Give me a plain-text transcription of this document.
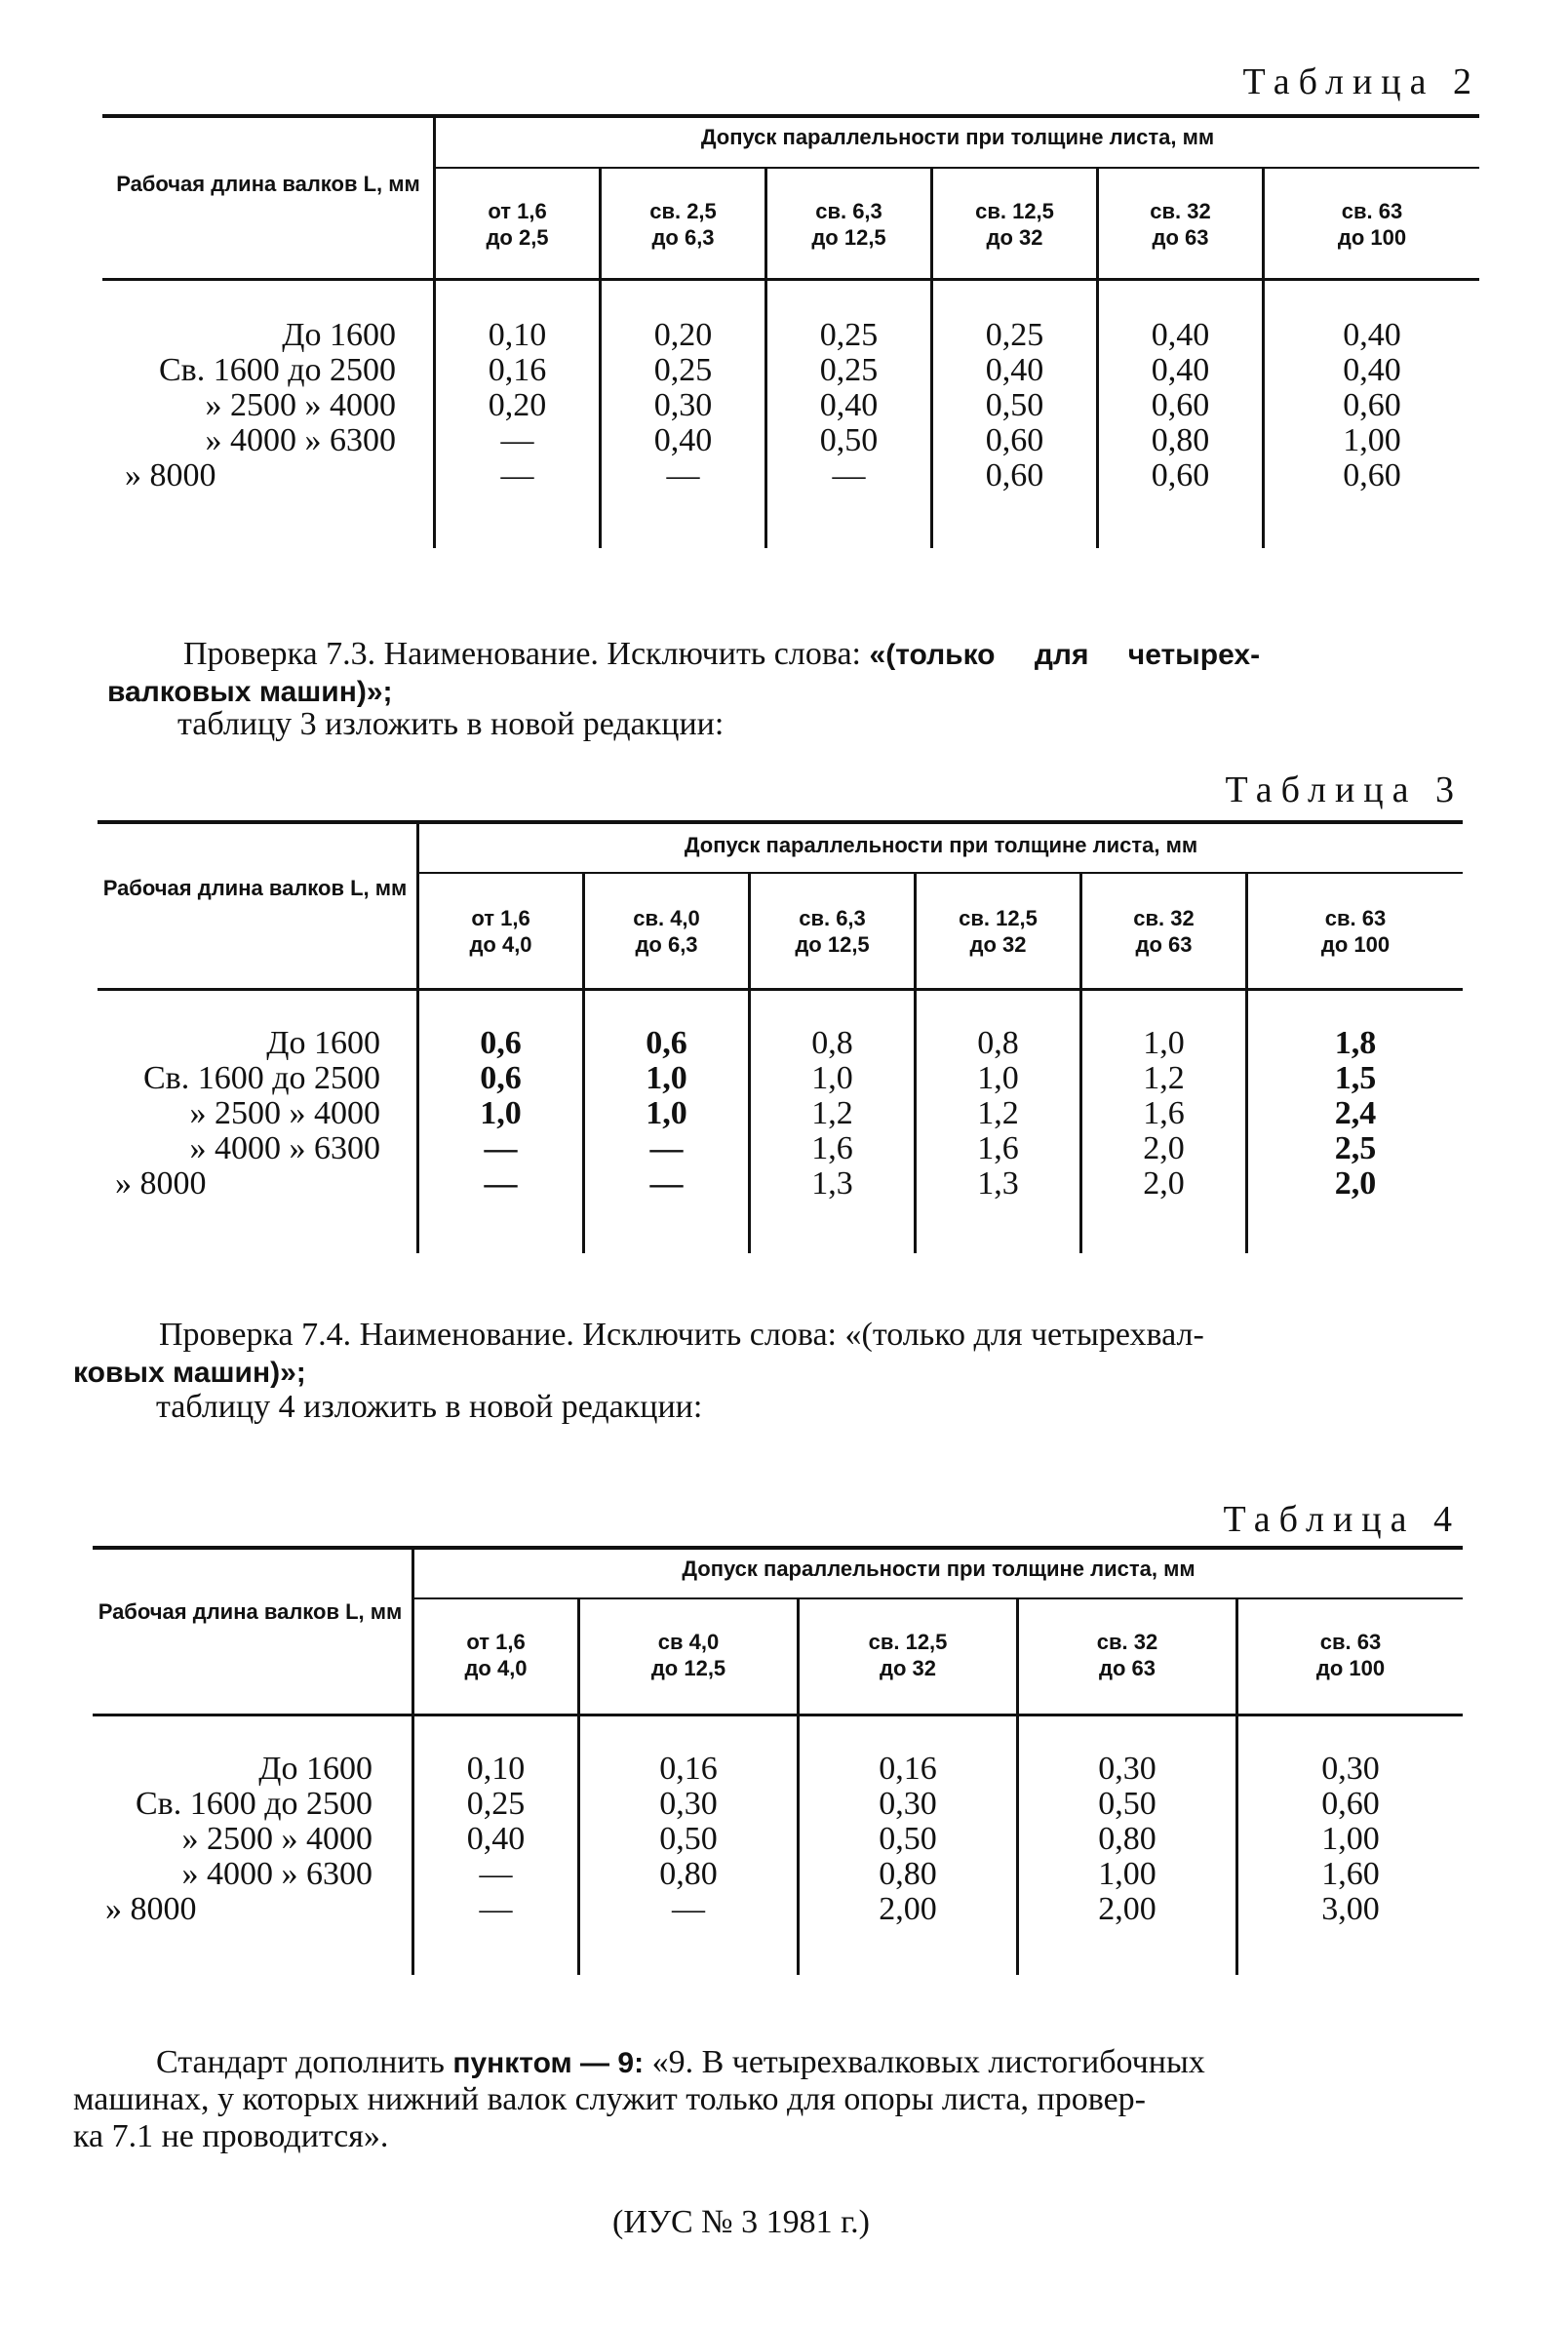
Таблица 2
Рабочая длина валков L, мм
Допуск параллельности при толщине листа, мм
от 1,6
до 2,5
св. 2,5
до 6,3
св. 6,3
до 12,5
св. 12,5
до 32
св. 32
до 63
св. 63
до 100
До 1600
Св. 1600 до 2500
» 2500 » 4000
» 4000 » 6300
» 8000
0,10
0,16
0,20
—
—
0,20
0,25
0,30
0,40
—
0,25
0,25
0,40
0,50
—
0,25
0,40
0,50
0,60
0,60
0,40
0,40
0,60
0,80
0,60
0,40
0,40
0,60
1,00
0,60
Проверка 7.3. Наименование. Исключить слова: «(только для четырех-
валковых машин)»;
таблицу 3 изложить в новой редакции:
Таблица 3
Рабочая длина валков L, мм
Допуск параллельности при толщине листа, мм
от 1,6
до 4,0
св. 4,0
до 6,3
св. 6,3
до 12,5
св. 12,5
до 32
св. 32
до 63
св. 63
до 100
До 1600
Св. 1600 до 2500
» 2500 » 4000
» 4000 » 6300
» 8000
0,6
0,6
1,0
—
—
0,6
1,0
1,0
—
—
0,8
1,0
1,2
1,6
1,3
0,8
1,0
1,2
1,6
1,3
1,0
1,2
1,6
2,0
2,0
1,8
1,5
2,4
2,5
2,0
Проверка 7.4. Наименование. Исключить слова: «(только для четырехвал-
ковых машин)»;
таблицу 4 изложить в новой редакции:
Таблица 4
Рабочая длина валков L, мм
Допуск параллельности при толщине листа, мм
от 1,6
до 4,0
св 4,0
до 12,5
св. 12,5
до 32
св. 32
до 63
св. 63
до 100
До 1600
Св. 1600 до 2500
» 2500 » 4000
» 4000 » 6300
» 8000
0,10
0,25
0,40
—
—
0,16
0,30
0,50
0,80
—
0,16
0,30
0,50
0,80
2,00
0,30
0,50
0,80
1,00
2,00
0,30
0,60
1,00
1,60
3,00
Стандарт дополнить пунктом — 9: «9. В четырехвалковых листогибочных
машинах, у которых нижний валок служит только для опоры листа, провер-
ка 7.1 не проводится».
(ИУС № 3 1981 г.)
